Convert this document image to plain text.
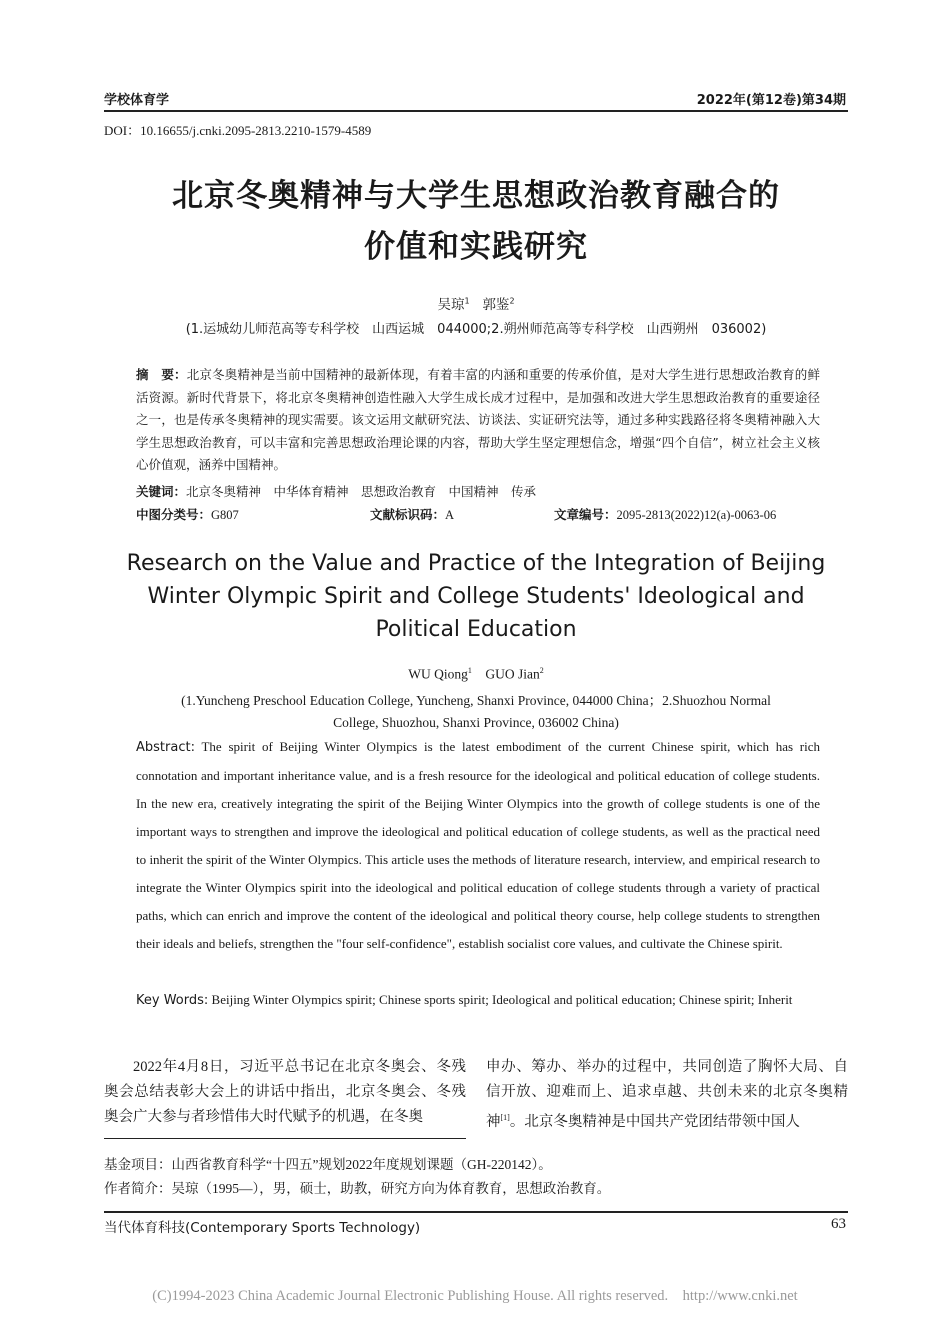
学校体育学	2022年(第12卷)第34期
DOI：10.16655/j.cnki.2095-2813.2210-1579-4589
北京冬奥精神与大学生思想政治教育融合的
价值和实践研究
吴琼$^1$ 郭鉴$^2$
(1.运城幼儿师范高等专科学校　山西运城　044000;2.朔州师范高等专科学校　山西朔州　036002)
摘　要：北京冬奥精神是当前中国精神的最新体现，有着丰富的内涵和重要的传承价值，是对大学生进行思想政治教育的鲜活资源。新时代背景下，将北京冬奥精神创造性融入大学生成长成才过程中，是加强和改进大学生思想政治教育的重要途径之一，也是传承冬奥精神的现实需要。该文运用文献研究法、访谈法、实证研究法等，通过多种实践路径将冬奥精神融入大学生思想政治教育，可以丰富和完善思想政治理论课的内容，帮助大学生坚定理想信念，增强“四个自信”，树立社会主义核心价值观，涵养中国精神。
关键词：北京冬奥精神　中华体育精神　思想政治教育　中国精神　传承
中图分类号：G807	文献标识码：A	文章编号：2095-2813(2022)12(a)-0063-06
Research on the Value and Practice of the Integration of Beijing
Winter Olympic Spirit and College Students' Ideological and
Political Education
WU Qiong$^1$ GUO Jian$^2$
(1.Yuncheng Preschool Education College, Yuncheng, Shanxi Province, 044000 China；2.Shuozhou Normal
College, Shuozhou, Shanxi Province, 036002 China)
Abstract: The spirit of Beijing Winter Olympics is the latest embodiment of the current Chinese spirit, which has rich connotation and important inheritance value, and is a fresh resource for the ideological and political education of college students. In the new era, creatively integrating the spirit of the Beijing Winter Olympics into the growth of college students is one of the important ways to strengthen and improve the ideological and political education of college students, as well as the practical need to inherit the spirit of the Winter Olympics. This article uses the methods of literature research, interview, and empirical research to integrate the Winter Olympics spirit into the ideological and political education of college students through a variety of practical paths, which can enrich and improve the content of the ideological and political theory course, help college students to strengthen their ideals and beliefs, strengthen the "four self-confidence", establish socialist core values, and cultivate the Chinese spirit.
Key Words: Beijing Winter Olympics spirit; Chinese sports spirit; Ideological and political education; Chinese spirit; Inherit
2022年4月8日，习近平总书记在北京冬奥会、冬残奥会总结表彰大会上的讲话中指出，北京冬奥会、冬残奥会广大参与者珍惜伟大时代赋予的机遇，在冬奥
申办、筹办、举办的过程中，共同创造了胸怀大局、自信开放、迎难而上、追求卓越、共创未来的北京冬奥精神[1]。北京冬奥精神是中国共产党团结带领中国人
基金项目：山西省教育科学“十四五”规划2022年度规划课题（GH-220142）。
作者简介：吴琼（1995—），男，硕士，助教，研究方向为体育教育，思想政治教育。
当代体育科技(Contemporary Sports Technology)	63
(C)1994-2023 China Academic Journal Electronic Publishing House. All rights reserved. http://www.cnki.net
